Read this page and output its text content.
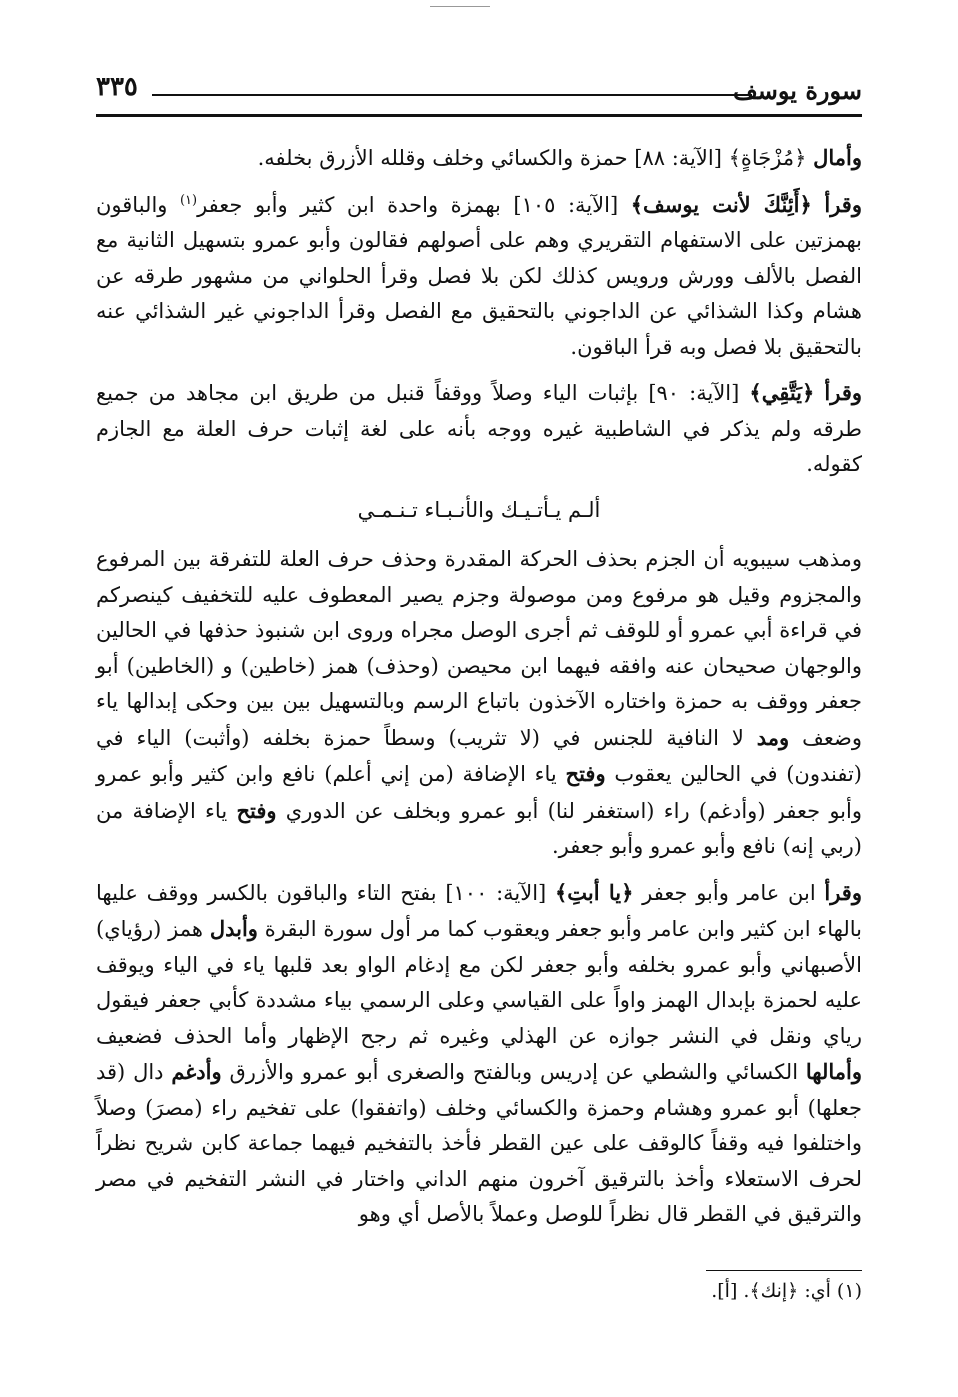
سورة يوسف
٣٣٥

وأمال ﴿مُزْجَاةٍ﴾ [الآية: ٨٨] حمزة والكسائي وخلف وقلله الأزرق بخلفه.

وقرأ ﴿أَئِنَّكَ لأنت يوسف﴾ [الآية: ١٠٥] بهمزة واحدة ابن كثير وأبو جعفر$^{(١)}$ والباقون بهمزتين على الاستفهام التقريري وهم على أصولهم فقالون وأبو عمرو بتسهيل الثانية مع الفصل بالألف وورش ورويس كذلك لكن بلا فصل وقرأ الحلواني من مشهور طرقه عن هشام وكذا الشذائي عن الداجوني بالتحقيق مع الفصل وقرأ الداجوني غير الشذائي عنه بالتحقيق بلا فصل وبه قرأ الباقون.

وقرأ ﴿يَتَّقِي﴾ [الآية: ٩٠] بإثبات الياء وصلاً ووقفاً قنبل من طريق ابن مجاهد من جميع طرقه ولم يذكر في الشاطبية غيره ووجه بأنه على لغة إثبات حرف العلة مع الجازم كقوله.

ألـم يـأتـيـك والأنـبـاء تـنـمـي

ومذهب سيبويه أن الجزم بحذف الحركة المقدرة وحذف حرف العلة للتفرقة بين المرفوع والمجزوم وقيل هو مرفوع ومن موصولة وجزم يصير المعطوف عليه للتخفيف كينصركم في قراءة أبي عمرو أو للوقف ثم أجرى الوصل مجراه وروى ابن شنبوذ حذفها في الحالين والوجهان صحيحان عنه وافقه فيهما ابن محيصن (وحذف) همز (خاطين) و (الخاطين) أبو جعفر ووقف به حمزة واختاره الآخذون باتباع الرسم وبالتسهيل بين بين وحكى إبدالها ياء وضعف ومد لا النافية للجنس في (لا تثريب) وسطاً حمزة بخلفه (وأثبت) الياء في (تفندون) في الحالين يعقوب وفتح ياء الإضافة (من إني أعلم) نافع وابن كثير وأبو عمرو وأبو جعفر (وأدغم) راء (استغفر لنا) أبو عمرو وبخلف عن الدوري وفتح ياء الإضافة من (ربي إنه) نافع وأبو عمرو وأبو جعفر.

وقرأ ابن عامر وأبو جعفر ﴿يا أبتِ﴾ [الآية: ١٠٠] بفتح التاء والباقون بالكسر ووقف عليها بالهاء ابن كثير وابن عامر وأبو جعفر ويعقوب كما مر أول سورة البقرة وأبدل همز (رؤياي) الأصبهاني وأبو عمرو بخلفه وأبو جعفر لكن مع إدغام الواو بعد قلبها ياء في الياء ويوقف عليه لحمزة بإبدال الهمز واواً على القياسي وعلى الرسمي بياء مشددة كأبي جعفر فيقول رياي ونقل في النشر جوازه عن الهذلي وغيره ثم رجح الإظهار وأما الحذف فضعيف وأمالها الكسائي والشطي عن إدريس وبالفتح والصغرى أبو عمرو والأزرق وأدغم دال (قد جعلها) أبو عمرو وهشام وحمزة والكسائي وخلف (واتفقوا) على تفخيم راء (مصرَ) وصلاً واختلفوا فيه وقفاً كالوقف على عين القطر فأخذ بالتفخيم فيهما جماعة كابن شريح نظراً لحرف الاستعلاء وأخذ بالترقيق آخرون منهم الداني واختار في النشر التفخيم في مصر والترقيق في القطر قال نظراً للوصل وعملاً بالأصل أي وهو

(١) أي: ﴿إنك﴾. [أ].
